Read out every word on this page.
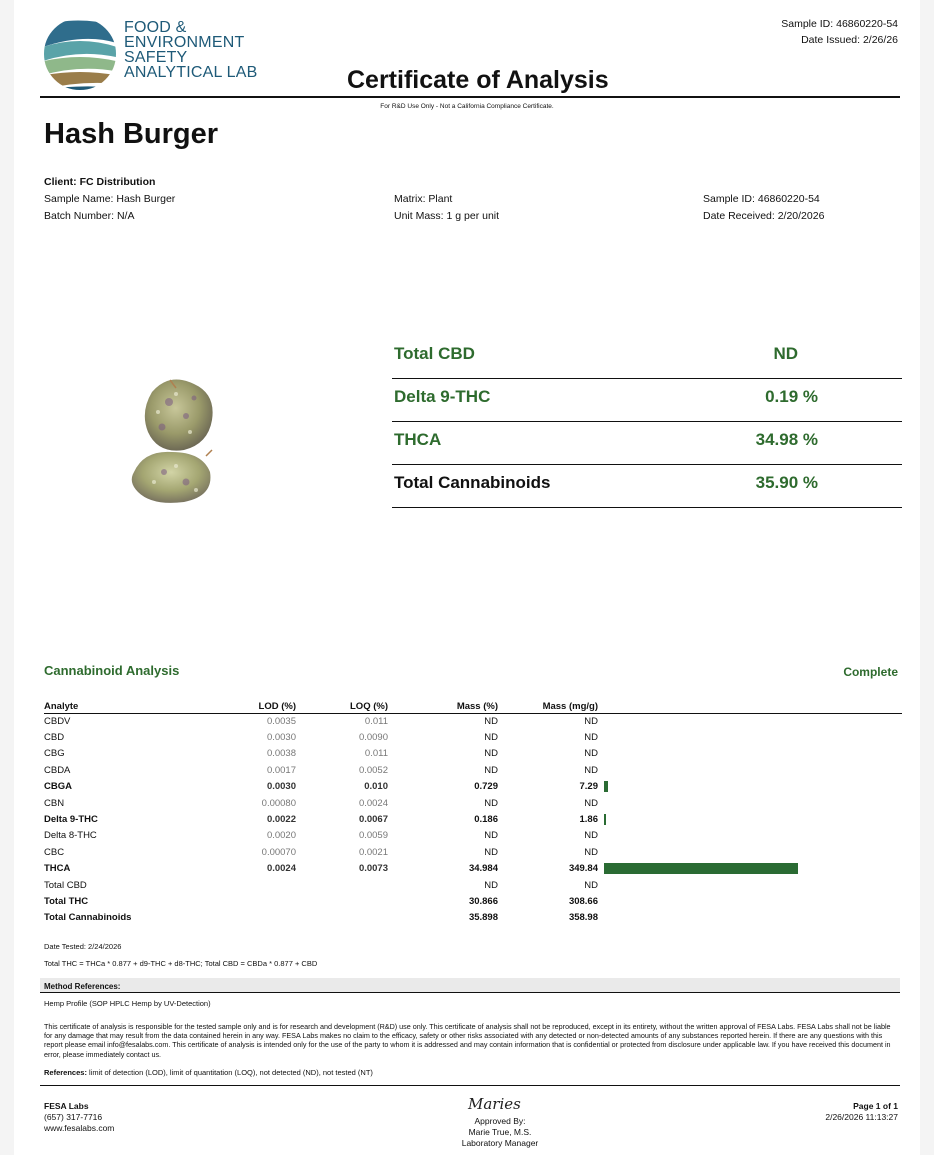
FOOD &
ENVIRONMENT
SAFETY
ANALYTICAL LAB
Sample ID: 46860220-54
Date Issued: 2/26/26
Certificate of Analysis
For R&D Use Only - Not a California Compliance Certificate.
Hash Burger
Client: FC Distribution
Sample Name: Hash Burger
Batch Number: N/A
Matrix: Plant
Unit Mass: 1 g per unit
Sample ID: 46860220-54
Date Received: 2/20/2026
Total CBD	ND
Delta 9-THC	0.19 %
THCA	34.98 %
Total Cannabinoids	35.90 %
Cannabinoid Analysis	Complete
Analyte	LOD (%)	LOQ (%)	Mass (%)	Mass (mg/g)	
CBDV	0.0035	0.011	ND	ND	
CBD	0.0030	0.0090	ND	ND	
CBG	0.0038	0.011	ND	ND	
CBDA	0.0017	0.0052	ND	ND	
CBGA	0.0030	0.010	0.729	7.29	

CBN	0.00080	0.0024	ND	ND	
Delta 9-THC	0.0022	0.0067	0.186	1.86	

Delta 8-THC	0.0020	0.0059	ND	ND	
CBC	0.00070	0.0021	ND	ND	
THCA	0.0024	0.0073	34.984	349.84	

Total CBD			ND	ND	
Total THC			30.866	308.66	
Total Cannabinoids			35.898	358.98	
Date Tested: 2/24/2026
Total THC = THCa * 0.877 + d9-THC + d8-THC; Total CBD = CBDa * 0.877 + CBD
Method References:
Hemp Profile (SOP HPLC Hemp by UV-Detection)
This certificate of analysis is responsible for the tested sample only and is for research and development (R&D) use only. This certificate of analysis shall not be reproduced, except in its entirety, without the written approval of FESA Labs. FESA Labs shall not be liable for any damage that may result from the data contained herein in any way. FESA Labs makes no claim to the efficacy, safety or other risks associated with any detected or non-detected amounts of any substances reported herein. If there are any questions with this report please email info@fesalabs.com. This certificate of analysis is intended only for the use of the party to whom it is addressed and may contain information that is confidential or protected from disclosure under applicable law. If you have received this document in error, please immediately contact us.
References: limit of detection (LOD), limit of quantitation (LOQ), not detected (ND), not tested (NT)
FESA Labs
(657) 317-7716
www.fesalabs.com
Maries
Approved By:
Marie True, M.S.
Laboratory Manager
Page 1 of 1
2/26/2026 11:13:27
